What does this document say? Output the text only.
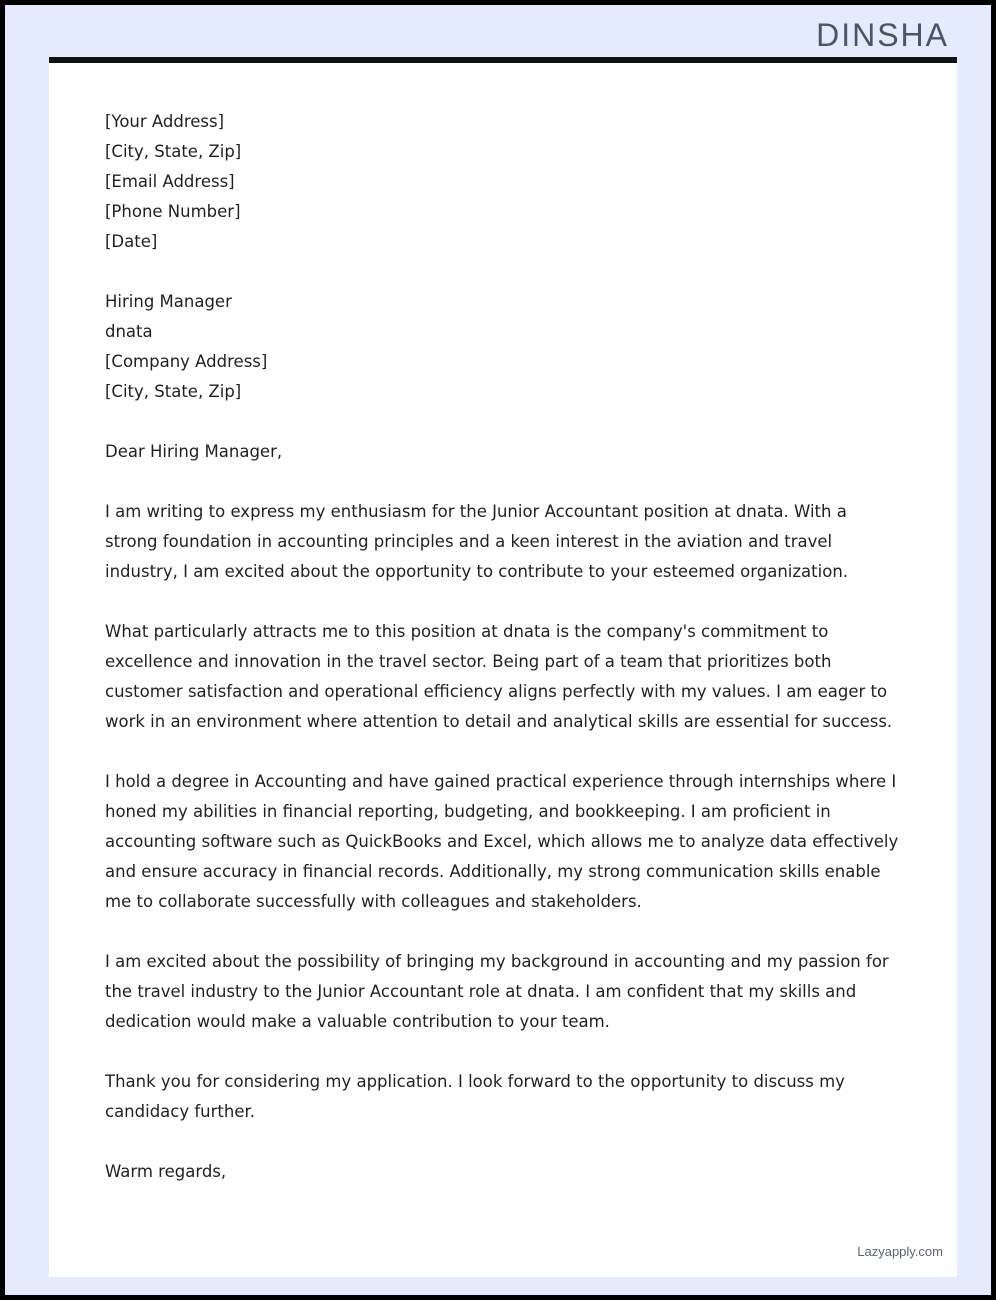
DINSHA
[Your Address]
[City, State, Zip]
[Email Address]
[Phone Number]
[Date]
Hiring Manager
dnata
[Company Address]
[City, State, Zip]

Dear Hiring Manager,

I am writing to express my enthusiasm for the Junior Accountant position at dnata. With a strong foundation in accounting principles and a keen interest in the aviation and travel industry, I am excited about the opportunity to contribute to your esteemed organization.

What particularly attracts me to this position at dnata is the company's commitment to excellence and innovation in the travel sector. Being part of a team that prioritizes both customer satisfaction and operational efficiency aligns perfectly with my values. I am eager to work in an environment where attention to detail and analytical skills are essential for success.

I hold a degree in Accounting and have gained practical experience through internships where I honed my abilities in financial reporting, budgeting, and bookkeeping. I am proficient in accounting software such as QuickBooks and Excel, which allows me to analyze data effectively and ensure accuracy in financial records. Additionally, my strong communication skills enable me to collaborate successfully with colleagues and stakeholders.

I am excited about the possibility of bringing my background in accounting and my passion for the travel industry to the Junior Accountant role at dnata. I am confident that my skills and dedication would make a valuable contribution to your team.

Thank you for considering my application. I look forward to the opportunity to discuss my candidacy further.

Warm regards,

Lazyapply.com
